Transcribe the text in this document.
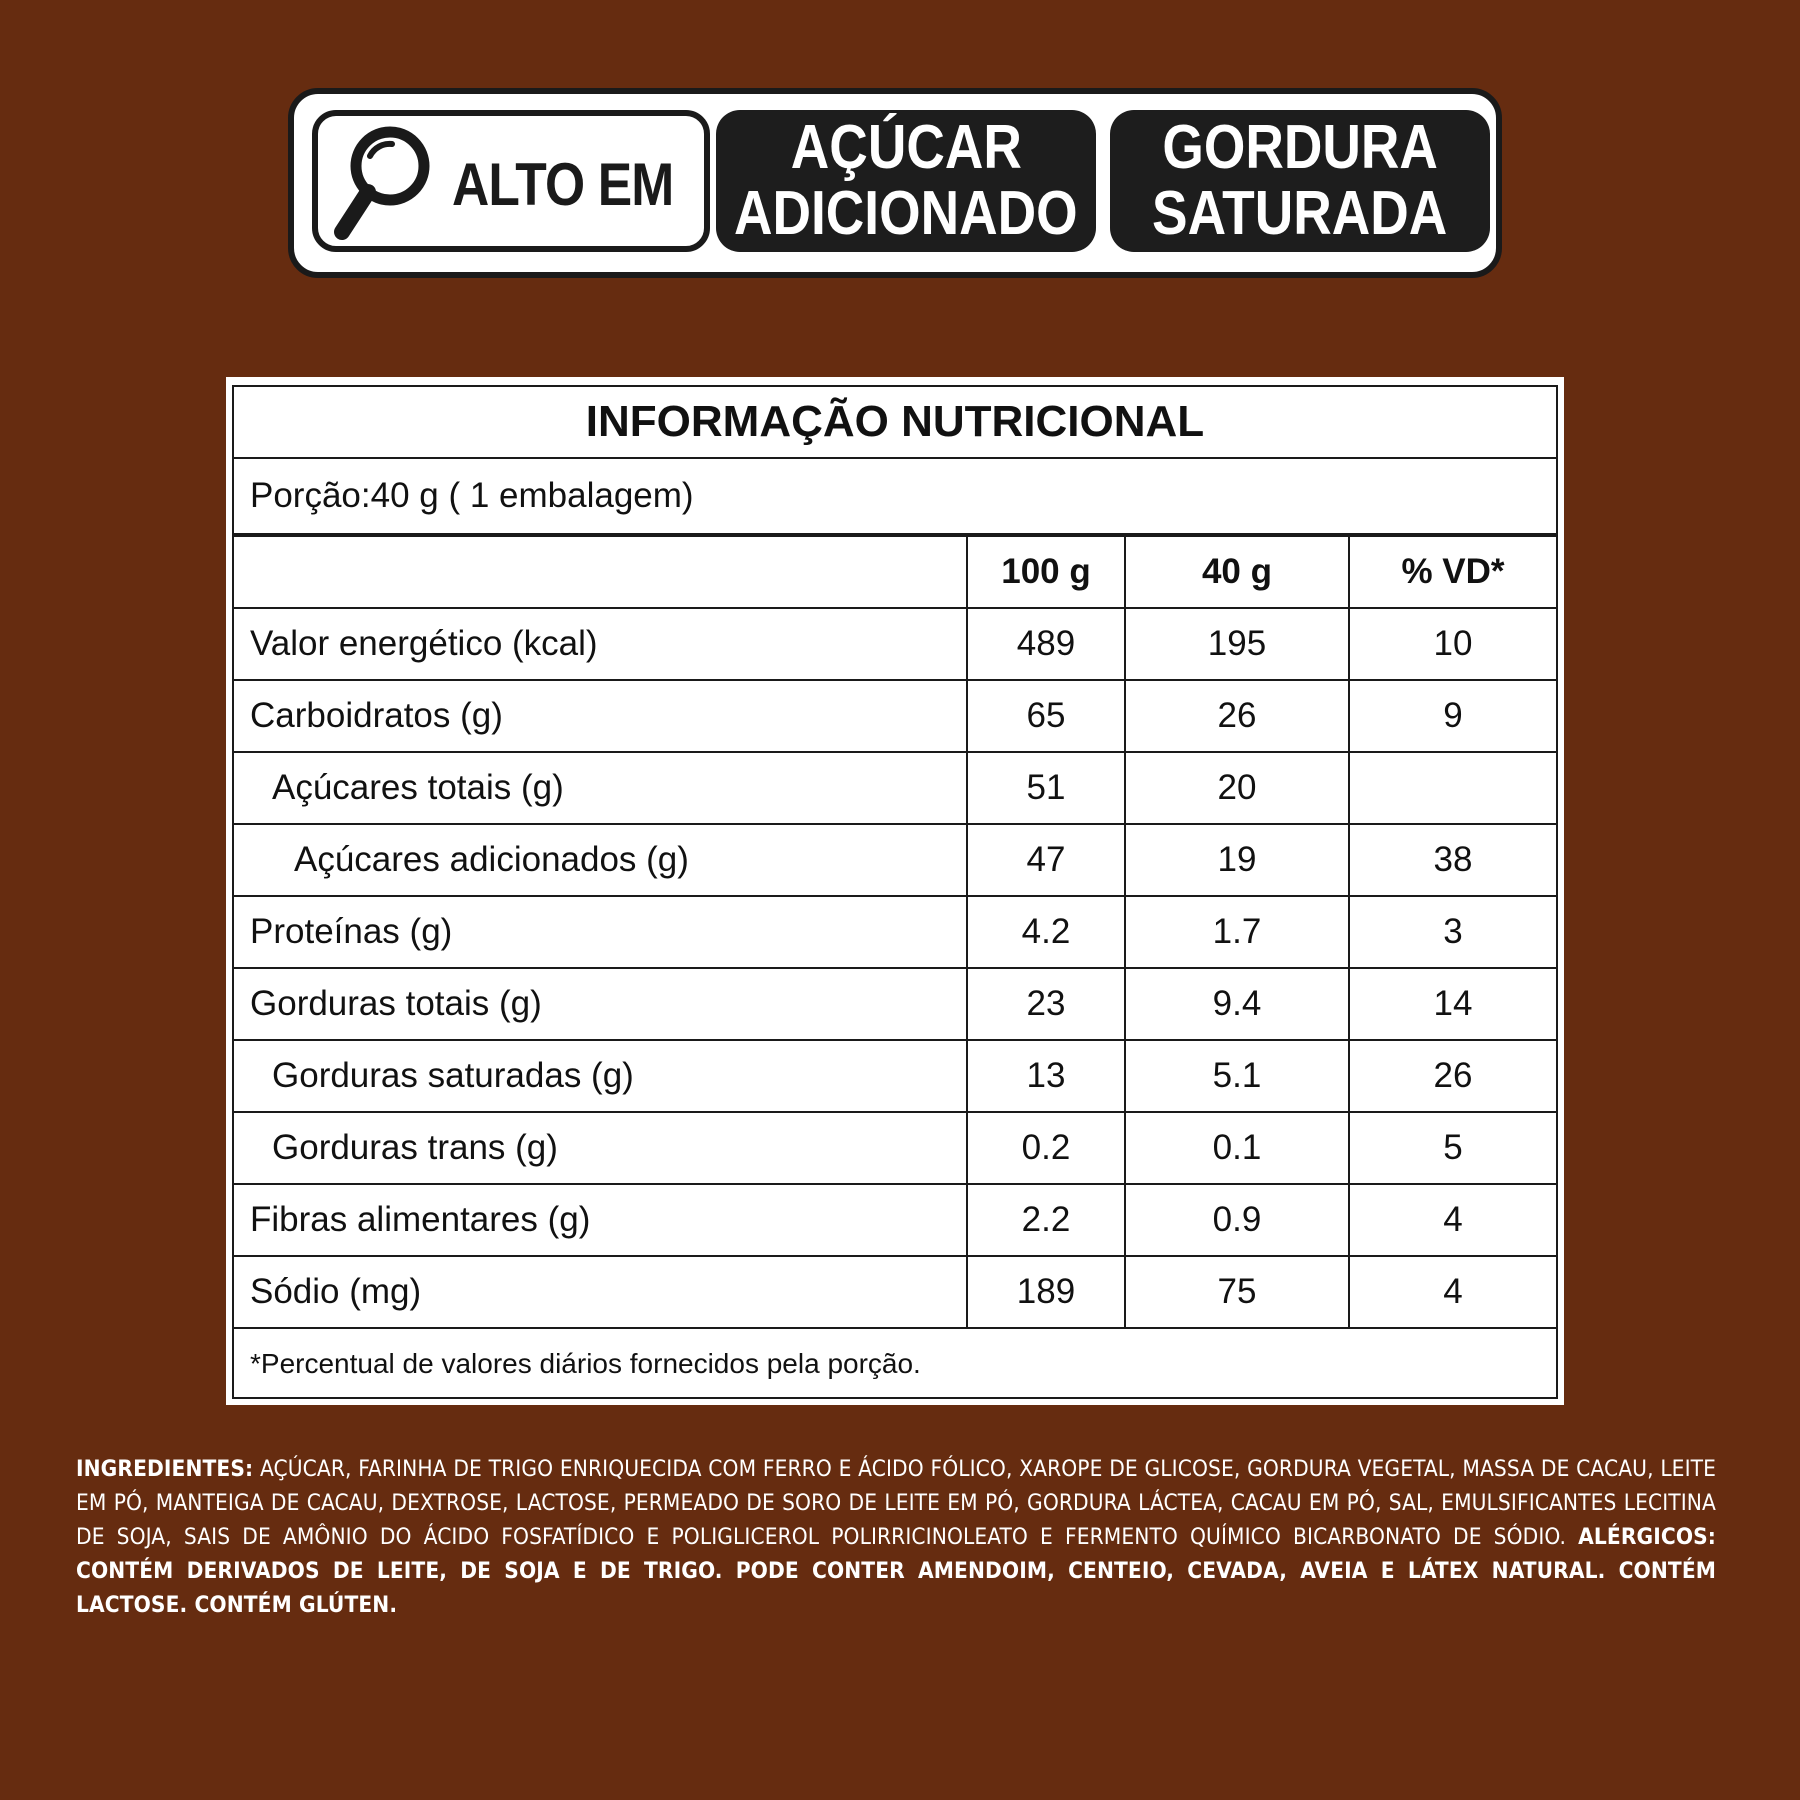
ALTO EM
AÇÚCAR
ADICIONADO
GORDURA
SATURADA
INFORMAÇÃO NUTRICIONAL
Porção:40 g ( 1 embalagem)
	100 g	40 g	% VD*
Valor energético (kcal)	489	195	10
Carboidratos (g)	65	26	9
Açúcares totais (g)	51	20	
Açúcares adicionados (g)	47	19	38
Proteínas (g)	4.2	1.7	3
Gorduras totais (g)	23	9.4	14
Gorduras saturadas (g)	13	5.1	26
Gorduras trans (g)	0.2	0.1	5
Fibras alimentares (g)	2.2	0.9	4
Sódio (mg)	189	75	4
*Percentual de valores diários fornecidos pela porção.
INGREDIENTES: AÇÚCAR, FARINHA DE TRIGO ENRIQUECIDA COM FERRO E ÁCIDO FÓLICO, XAROPE DE GLICOSE, GORDURA VEGETAL, MASSA DE CACAU, LEITE EM PÓ, MANTEIGA DE CACAU, DEXTROSE, LACTOSE, PERMEADO DE SORO DE LEITE EM PÓ, GORDURA LÁCTEA, CACAU EM PÓ, SAL, EMULSIFICANTES LECITINA DE SOJA, SAIS DE AMÔNIO DO ÁCIDO FOSFATÍDICO E POLIGLICEROL POLIRRICINOLEATO E FERMENTO QUÍMICO BICARBONATO DE SÓDIO. ALÉRGICOS: CONTÉM DERIVADOS DE LEITE, DE SOJA E DE TRIGO. PODE CONTER AMENDOIM, CENTEIO, CEVADA, AVEIA E LÁTEX NATURAL. CONTÉM LACTOSE. CONTÉM GLÚTEN.
